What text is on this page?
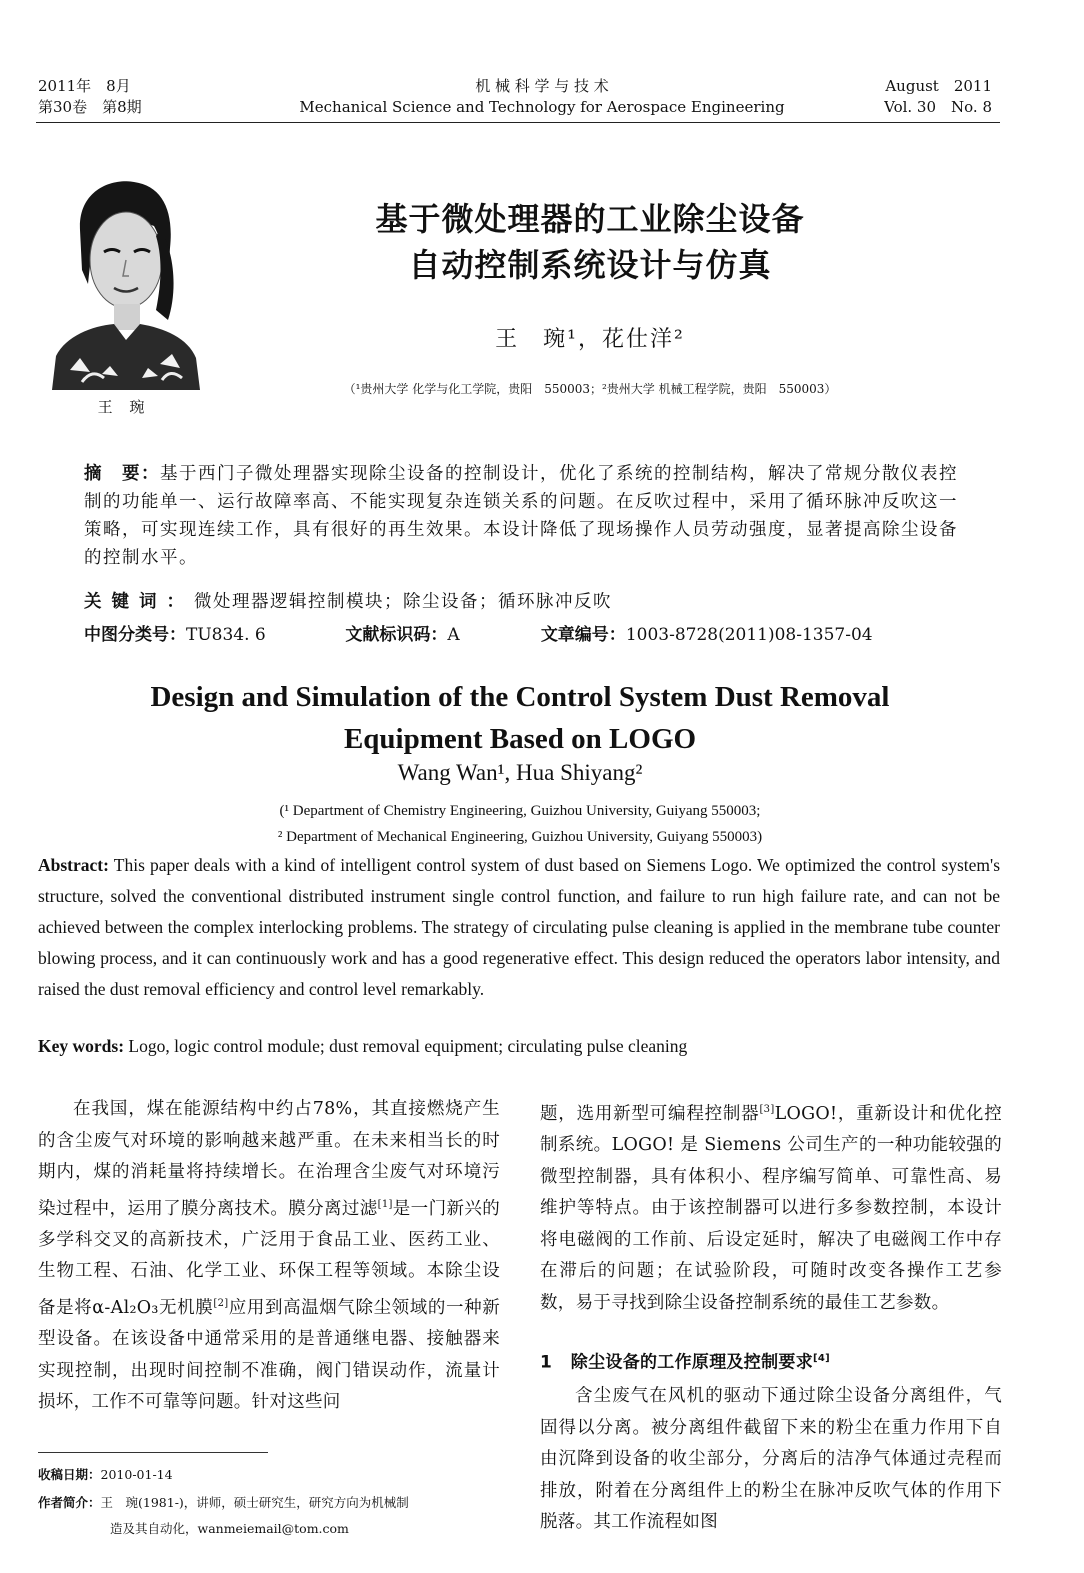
2011年　8月
第30卷　第8期
机 械 科 学 与 技 术
Mechanical Science and Technology for Aerospace Engineering
August　2011
Vol. 30　No. 8
王 琬
基于微处理器的工业除尘设备
自动控制系统设计与仿真
王　琬¹，花仕洋²
（¹贵州大学 化学与化工学院，贵阳　550003；²贵州大学 机械工程学院，贵阳　550003）
摘　要：基于西门子微处理器实现除尘设备的控制设计，优化了系统的控制结构，解决了常规分散仪表控制的功能单一、运行故障率高、不能实现复杂连锁关系的问题。在反吹过程中，采用了循环脉冲反吹这一策略，可实现连续工作，具有很好的再生效果。本设计降低了现场操作人员劳动强度，显著提高除尘设备的控制水平。
关键词：微处理器逻辑控制模块；除尘设备；循环脉冲反吹
中图分类号：TU834. 6	文献标识码：A	文章编号：1003-8728(2011)08-1357-04
Design and Simulation of the Control System Dust Removal
Equipment Based on LOGO
Wang Wan¹, Hua Shiyang²
(¹ Department of Chemistry Engineering, Guizhou University, Guiyang 550003;
² Department of Mechanical Engineering, Guizhou University, Guiyang 550003)
Abstract: This paper deals with a kind of intelligent control system of dust based on Siemens Logo. We optimized the control system's structure, solved the conventional distributed instrument single control function, and failure to run high failure rate, and can not be achieved between the complex interlocking problems. The strategy of circulating pulse cleaning is applied in the membrane tube counter blowing process, and it can continuously work and has a good regenerative effect. This design reduced the operators labor intensity, and raised the dust removal efficiency and control level remarkably.
Key words: Logo, logic control module; dust removal equipment; circulating pulse cleaning
在我国，煤在能源结构中约占78%，其直接燃烧产生的含尘废气对环境的影响越来越严重。在未来相当长的时期内，煤的消耗量将持续增长。在治理含尘废气对环境污染过程中，运用了膜分离技术。膜分离过滤[1]是一门新兴的多学科交叉的高新技术，广泛用于食品工业、医药工业、生物工程、石油、化学工业、环保工程等领域。本除尘设备是将α-Al₂O₃无机膜[2]应用到高温烟气除尘领域的一种新型设备。在该设备中通常采用的是普通继电器、接触器来实现控制，出现时间控制不准确，阀门错误动作，流量计损坏，工作不可靠等问题。针对这些问
题，选用新型可编程控制器[3]LOGO!，重新设计和优化控制系统。LOGO! 是 Siemens 公司生产的一种功能较强的微型控制器，具有体积小、程序编写简单、可靠性高、易维护等特点。由于该控制器可以进行多参数控制，本设计将电磁阀的工作前、后设定延时，解决了电磁阀工作中存在滞后的问题；在试验阶段，可随时改变各操作工艺参数，易于寻找到除尘设备控制系统的最佳工艺参数。
1 除尘设备的工作原理及控制要求[4]
含尘废气在风机的驱动下通过除尘设备分离组件，气固得以分离。被分离组件截留下来的粉尘在重力作用下自由沉降到设备的收尘部分，分离后的洁净气体通过壳程而排放，附着在分离组件上的粉尘在脉冲反吹气体的作用下脱落。其工作流程如图
收稿日期：2010-01-14
作者简介：王　琬(1981-)，讲师，硕士研究生，研究方向为机械制
造及其自动化，wanmeiemail@tom.com
